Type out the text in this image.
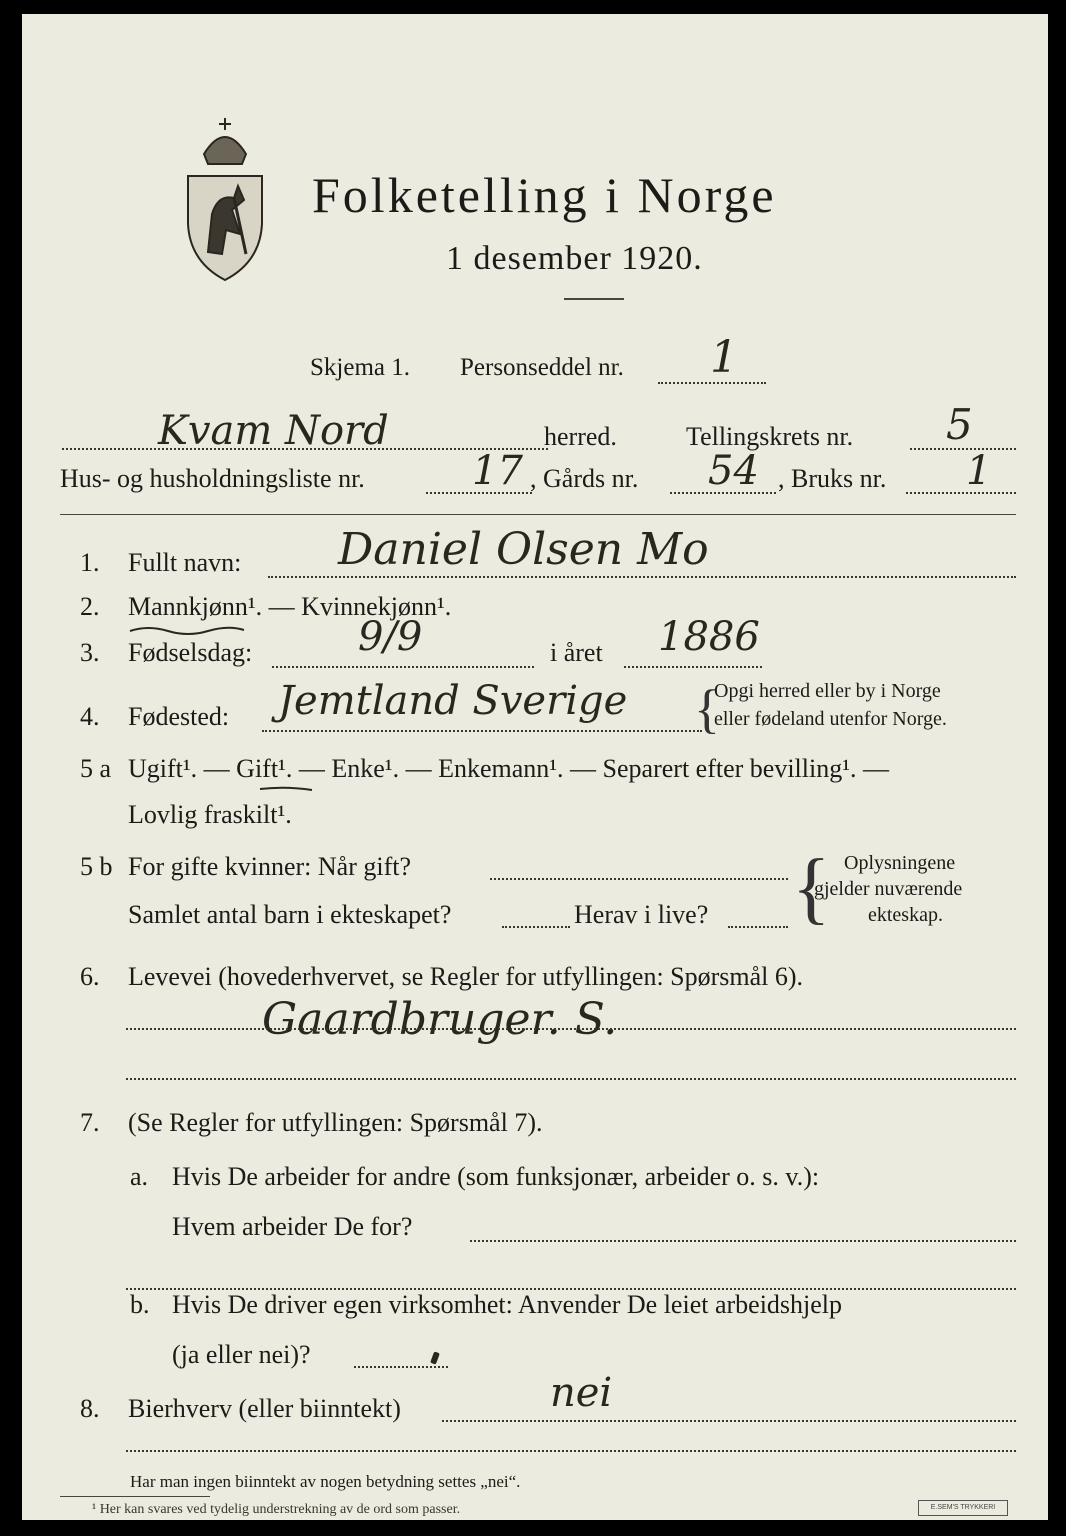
Folketelling i Norge
1 desember 1920.
Skjema 1. Personseddel nr. 1
Kvam Nord	herred.	Tellingskrets nr. 5
Hus- og husholdningsliste nr.	17 , Gårds nr. 54 , Bruks nr. 1
1. Fullt navn: Daniel Olsen Mo
2. Mannkjønn¹. — Kvinnekjønn¹.
3. Fødselsdag:	9/9	i året 1886
4. Fødested: Jemtland Sverige {
Opgi herred eller by i Norge
eller fødeland utenfor Norge.
5 a Ugift¹. — Gift¹. — Enke¹. — Enkemann¹. — Separert efter bevilling¹. —
Lovlig fraskilt¹.
5 b For gifte kvinner: Når gift?
Samlet antal barn i ekteskapet?	Herav i live? { Oplysningene
gjelder nuværende
ekteskap.
6. Levevei (hovederhvervet, se Regler for utfyllingen: Spørsmål 6).
Gaardbruger. S.
7. (Se Regler for utfyllingen: Spørsmål 7).
a. Hvis De arbeider for andre (som funksjonær, arbeider o. s. v.):
Hvem arbeider De for?
b. Hvis De driver egen virksomhet: Anvender De leiet arbeidshjelp
(ja eller nei)?
8. Bierhverv (eller biinntekt)	nei
Har man ingen biinntekt av nogen betydning settes „nei“.
¹ Her kan svares ved tydelig understrekning av de ord som passer.	E.SEM'S TRYKKERI
